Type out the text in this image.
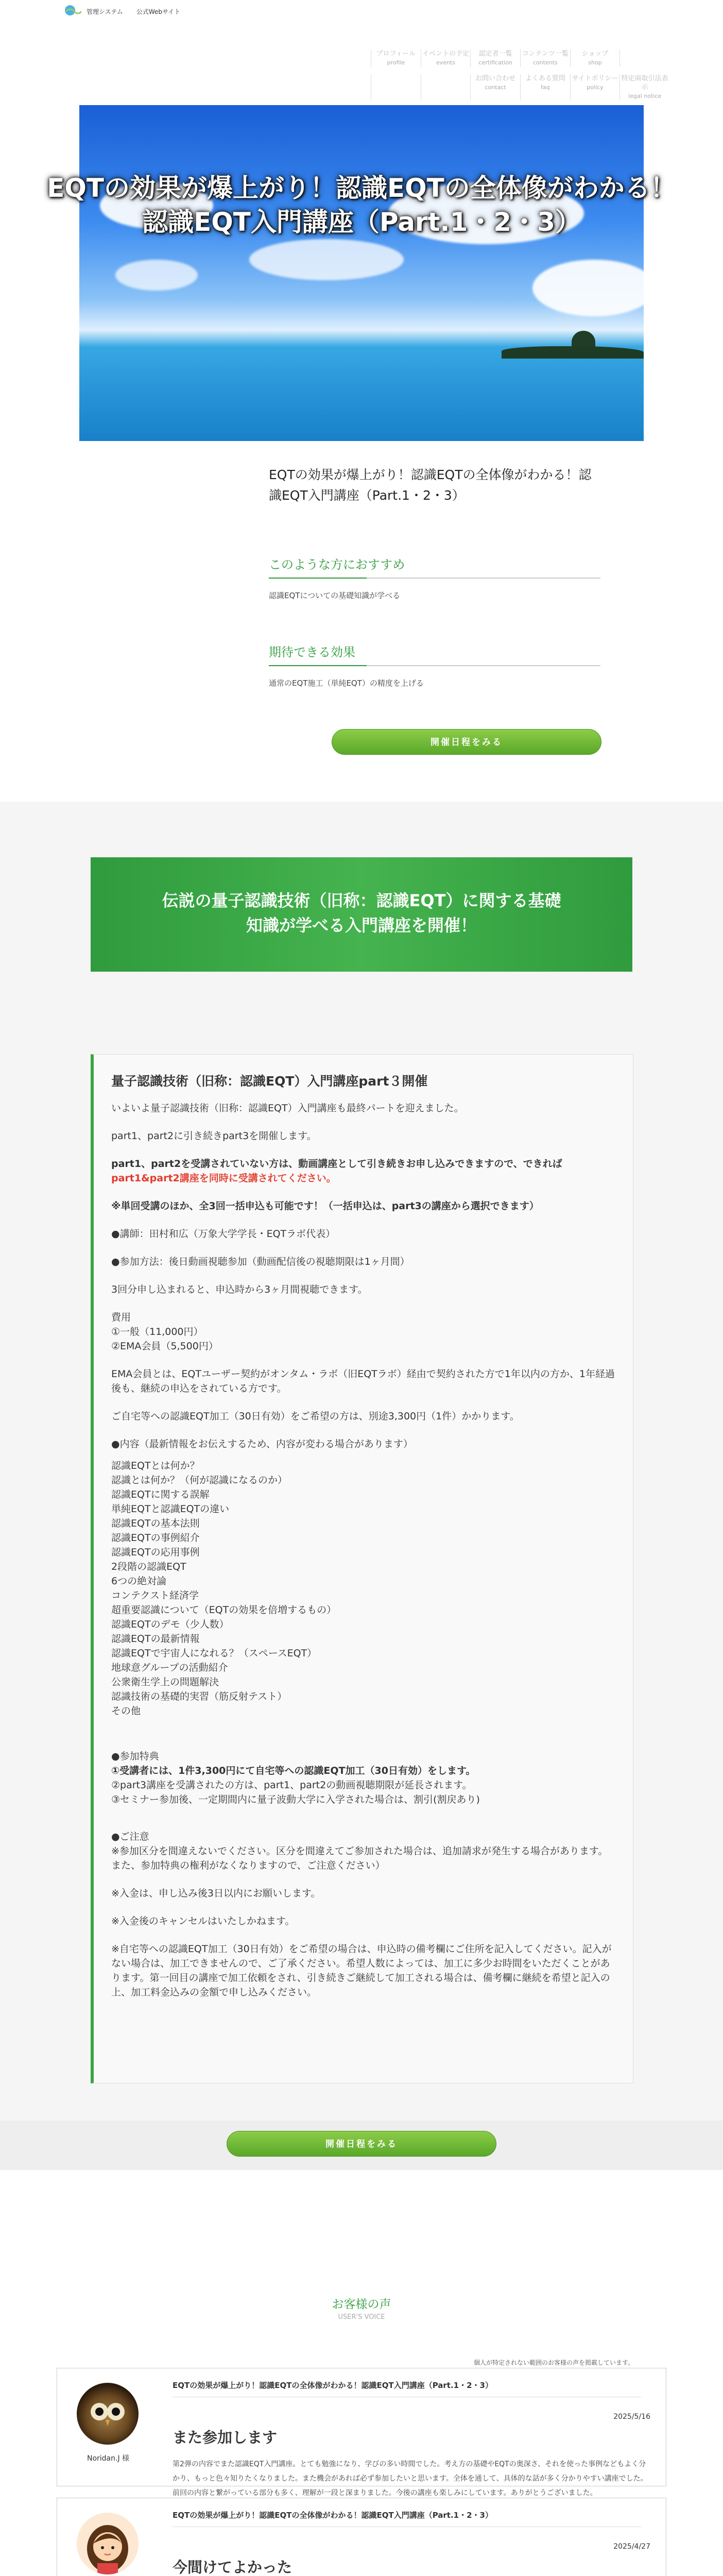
管理システム 公式Webサイト
プロフィール
profile
イベントの予定
events
認定者一覧
certification
コンテンツ一覧
contents
ショップ
shop
お問い合わせ
contact
よくある質問
faq
サイトポリシー
policy
特定商取引法表示
legal notice
EQTの効果が爆上がり！認識EQTの全体像がわかる！認識EQT入門講座（Part.1・2・3）
EQTの効果が爆上がり！認識EQTの全体像がわかる！認識EQT入門講座（Part.1・2・3）
このような方におすすめ
認識EQTについての基礎知識が学べる
期待できる効果
通常のEQT施工（単純EQT）の精度を上げる
開催日程をみる
伝説の量子認識技術（旧称：認識EQT）に関する基礎
知識が学べる入門講座を開催！
量子認識技術（旧称：認識EQT）入門講座part３開催

いよいよ量子認識技術（旧称：認識EQT）入門講座も最終パートを迎えました。

part1、part2に引き続きpart3を開催します。

part1、part2を受講されていない方は、動画講座として引き続きお申し込みできますので、できれば
part1&part2講座を同時に受講されてください。

※単回受講のほか、全3回一括申込も可能です！（一括申込は、part3の講座から選択できます）

●講師：田村和広（万象大学学長・EQTラボ代表）

●参加方法：後日動画視聴参加（動画配信後の視聴期限は1ヶ月間）

3回分申し込まれると、申込時から3ヶ月間視聴できます。

費用
①一般（11,000円）
②EMA会員（5,500円）

EMA会員とは、EQTユーザー契約がオンタム・ラボ（旧EQTラボ）経由で契約された方で1年以内の方か、1年経過後も、継続の申込をされている方です。

ご自宅等への認識EQT加工（30日有効）をご希望の方は、別途3,300円（1件）かかります。

●内容（最新情報をお伝えするため、内容が変わる場合があります）

認識EQTとは何か？
認識とは何か？（何が認識になるのか）
認識EQTに関する誤解
単純EQTと認識EQTの違い
認識EQTの基本法則
認識EQTの事例紹介
認識EQTの応用事例
2段階の認識EQT
6つの絶対論
コンテクスト経済学
超重要認識について（EQTの効果を倍増するもの）
認識EQTのデモ（少人数）
認識EQTの最新情報
認識EQTで宇宙人になれる？（スペースEQT）
地球意グループの活動紹介
公衆衛生学上の問題解決
認識技術の基礎的実習（筋反射テスト）
その他

●参加特典
①受講者には、1件3,300円にて自宅等への認識EQT加工（30日有効）をします。
②part3講座を受講されたの方は、part1、part2の動画視聴期限が延長されます。
③セミナー参加後、一定期間内に量子波動大学に入学された場合は、割引(割戻あり)

●ご注意
※参加区分を間違えないでください。区分を間違えてご参加された場合は、追加請求が発生する場合があります。また、参加特典の権利がなくなりますので、ご注意ください）

※入金は、申し込み後3日以内にお願いします。

※入金後のキャンセルはいたしかねます。

※自宅等への認識EQT加工（30日有効）をご希望の場合は、申込時の備考欄にご住所を記入してください。記入がない場合は、加工できませんので、ご了承ください。希望人数によっては、加工に多少お時間をいただくことがあります。第一回目の講座で加工依頼をされ、引き続きご継続して加工される場合は、備考欄に継続を希望と記入の上、加工料金込みの金額で申し込みください。

開催日程をみる
お客様の声
USER'S VOICE
個人が特定されない範囲のお客様の声を掲載しています。
Noridan.J 様
EQTの効果が爆上がり！認識EQTの全体像がわかる！認識EQT入門講座（Part.1・2・3）
2025/5/16
また参加します

第2弾の内容でまた認識EQT入門講座。とても勉強になり、学びの多い時間でした。考え方の基礎やEQTの奥深さ、それを使った事例などもよく分かり、もっと色々知りたくなりました。また機会があれば必ず参加したいと思います。全体を通して、具体的な話が多く分かりやすい講座でした。前回の内容と繋がっている部分も多く、理解が一段と深まりました。今後の講座も楽しみにしています。ありがとうございました。

EQTの効果が爆上がり！認識EQTの全体像がわかる！認識EQT入門講座（Part.1・2・3）
2025/4/27
今間けてよかった
